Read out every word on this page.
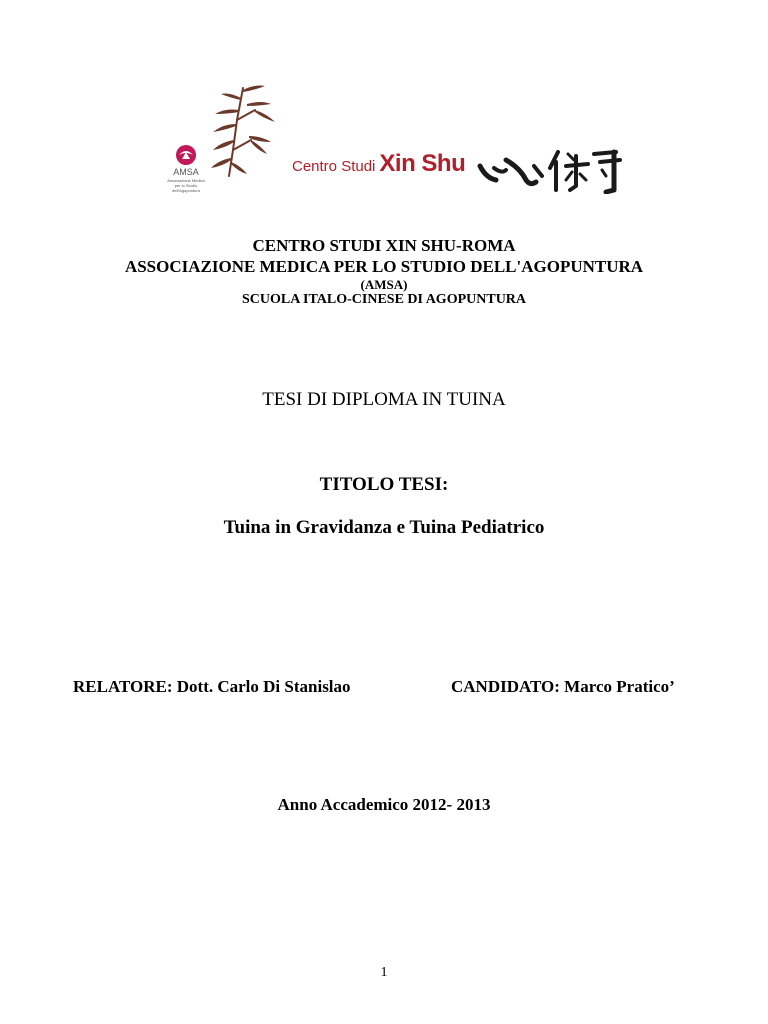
AMSA
Associazione Medica per lo Studio dell'Agopuntura
Centro Studi Xin Shu
CENTRO STUDI XIN SHU-ROMA
ASSOCIAZIONE MEDICA PER LO STUDIO DELL'AGOPUNTURA
(AMSA)
SCUOLA ITALO-CINESE DI AGOPUNTURA
TESI DI DIPLOMA IN TUINA
TITOLO TESI:
Tuina in Gravidanza e Tuina Pediatrico
RELATORE: Dott. Carlo Di Stanislao	CANDIDATO: Marco Pratico’
Anno Accademico 2012- 2013
1
